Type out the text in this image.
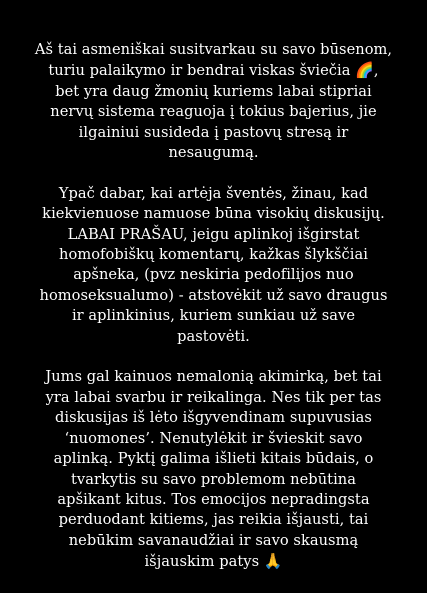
Aš tai asmeniškai susitvarkau su savo būsenom,
turiu palaikymo ir bendrai viskas šviečia 🌈,
bet yra daug žmonių kuriems labai stipriai
nervų sistema reaguoja į tokius bajerius, jie
ilgainiui susideda į pastovų stresą ir
nesaugumą.
Ypač dabar, kai artėja šventės, žinau, kad
kiekvienuose namuose būna visokių diskusijų.
LABAI PRAŠAU, jeigu aplinkoj išgirstat
homofobiškų komentarų, kažkas šlykščiai
apšneka, (pvz neskiria pedofilijos nuo
homoseksualumo) - atstovėkit už savo draugus
ir aplinkinius, kuriem sunkiau už save
pastovėti.
Jums gal kainuos nemalonią akimirką, bet tai
yra labai svarbu ir reikalinga. Nes tik per tas
diskusijas iš lėto išgyvendinam supuvusias
‘nuomones’. Nenutylėkit ir švieskit savo
aplinką. Pyktį galima išlieti kitais būdais, o
tvarkytis su savo problemom nebūtina
apšikant kitus. Tos emocijos nepradingsta
perduodant kitiems, jas reikia išjausti, tai
nebūkim savanaudžiai ir savo skausmą
išjauskim patys 🙏
